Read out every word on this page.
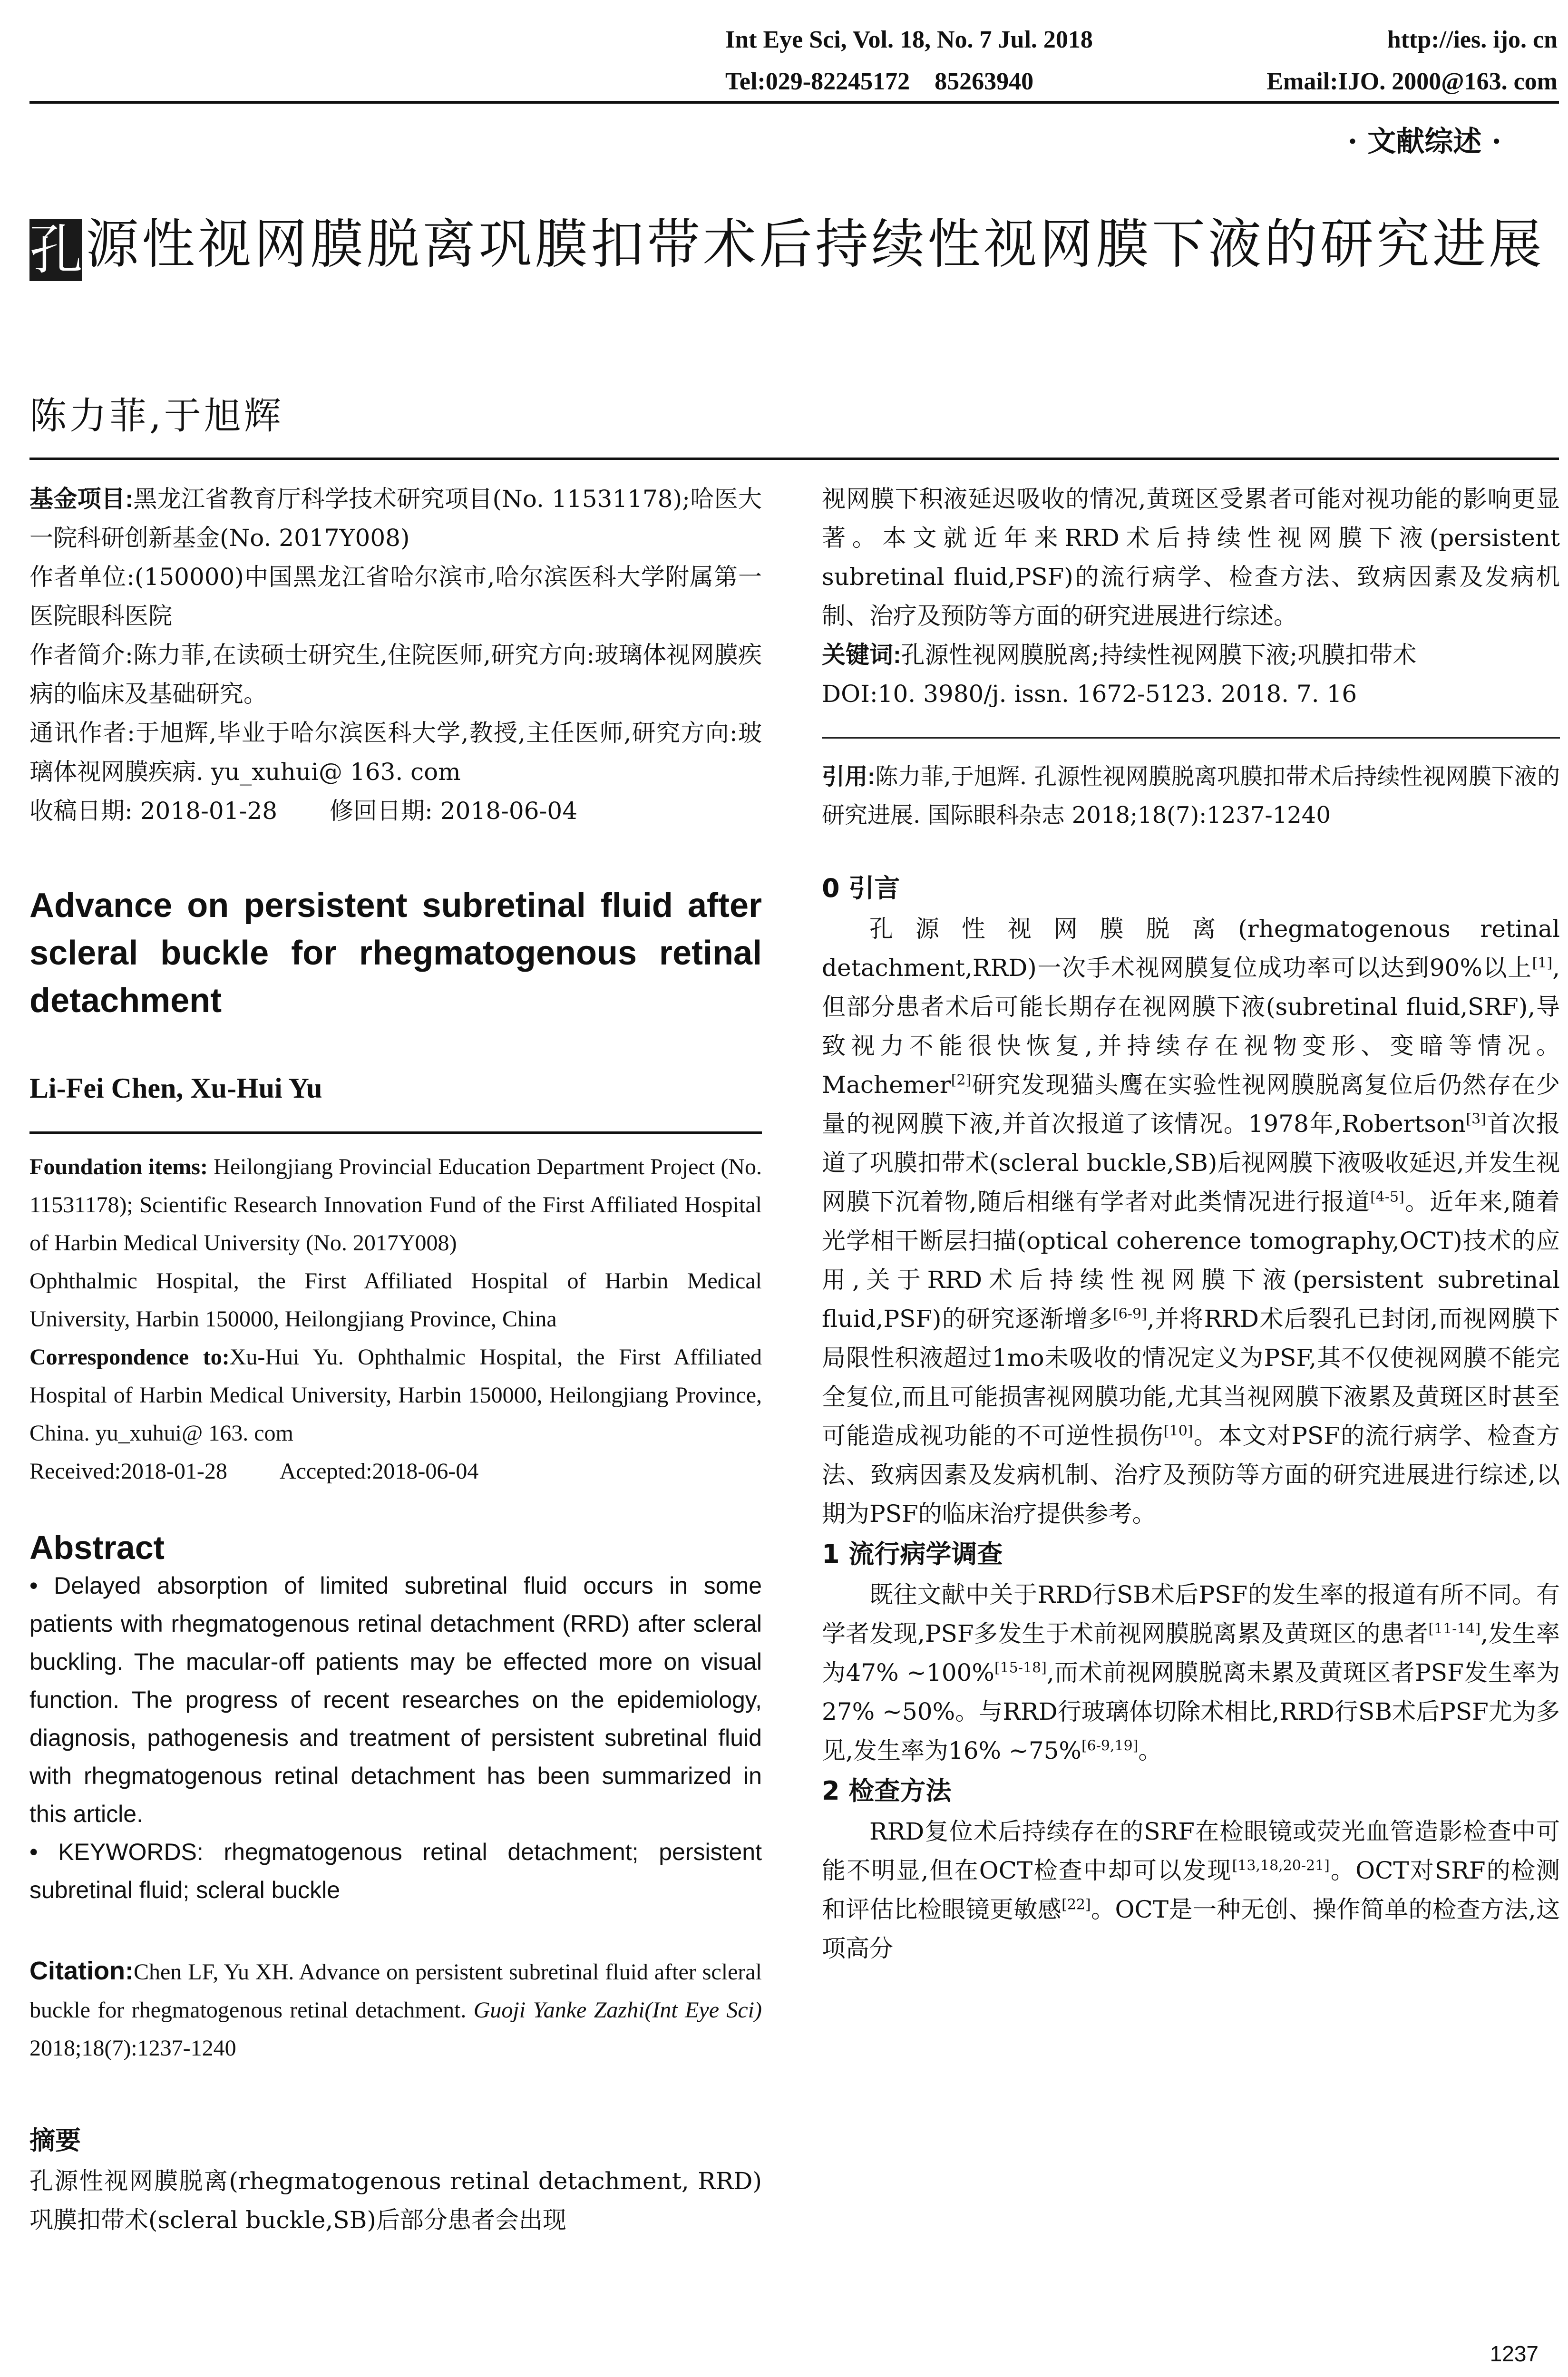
Int Eye Sci, Vol. 18, No. 7 Jul. 2018	http://ies. ijo. cn
Tel:029-82245172　85263940	Email:IJO. 2000@163. com
· 文献综述 ·
孔源性视网膜脱离巩膜扣带术后持续性视网膜下液的研究进展
陈力菲,于旭辉

基金项目:黑龙江省教育厅科学技术研究项目(No. 11531178);哈医大一院科研创新基金(No. 2017Y008)

作者单位:(150000)中国黑龙江省哈尔滨市,哈尔滨医科大学附属第一医院眼科医院

作者简介:陈力菲,在读硕士研究生,住院医师,研究方向:玻璃体视网膜疾病的临床及基础研究。

通讯作者:于旭辉,毕业于哈尔滨医科大学,教授,主任医师,研究方向:玻璃体视网膜疾病. yu_xuhui@ 163. com

收稿日期: 2018-01-28 修回日期: 2018-06-04

Advance on persistent subretinal fluid after scleral buckle for rhegmatogenous retinal detachment
Li-Fei Chen, Xu-Hui Yu

Foundation items: Heilongjiang Provincial Education Department Project (No. 11531178); Scientific Research Innovation Fund of the First Affiliated Hospital of Harbin Medical University (No. 2017Y008)

Ophthalmic Hospital, the First Affiliated Hospital of Harbin Medical University, Harbin 150000, Heilongjiang Province, China

Correspondence to:Xu-Hui Yu. Ophthalmic Hospital, the First Affiliated Hospital of Harbin Medical University, Harbin 150000, Heilongjiang Province, China. yu_xuhui@ 163. com

Received:2018-01-28 Accepted:2018-06-04

Abstract

• Delayed absorption of limited subretinal fluid occurs in some patients with rhegmatogenous retinal detachment (RRD) after scleral buckling. The macular-off patients may be effected more on visual function. The progress of recent researches on the epidemiology, diagnosis, pathogenesis and treatment of persistent subretinal fluid with rhegmatogenous retinal detachment has been summarized in this article.

• KEYWORDS: rhegmatogenous retinal detachment; persistent subretinal fluid; scleral buckle

Citation:Chen LF, Yu XH. Advance on persistent subretinal fluid after scleral buckle for rhegmatogenous retinal detachment. Guoji Yanke Zazhi(Int Eye Sci) 2018;18(7):1237-1240

摘要

孔源性视网膜脱离(rhegmatogenous retinal detachment, RRD)巩膜扣带术(scleral buckle,SB)后部分患者会出现

视网膜下积液延迟吸收的情况,黄斑区受累者可能对视功能的影响更显著。本文就近年来RRD术后持续性视网膜下液(persistent subretinal fluid,PSF)的流行病学、检查方法、致病因素及发病机制、治疗及预防等方面的研究进展进行综述。

关键词:孔源性视网膜脱离;持续性视网膜下液;巩膜扣带术

DOI:10. 3980/j. issn. 1672-5123. 2018. 7. 16

引用:陈力菲,于旭辉. 孔源性视网膜脱离巩膜扣带术后持续性视网膜下液的研究进展. 国际眼科杂志 2018;18(7):1237-1240

0 引言

孔源性视网膜脱离(rhegmatogenous retinal detachment,RRD)一次手术视网膜复位成功率可以达到90%以上[1],但部分患者术后可能长期存在视网膜下液(subretinal fluid,SRF),导致视力不能很快恢复,并持续存在视物变形、变暗等情况。Machemer[2]研究发现猫头鹰在实验性视网膜脱离复位后仍然存在少量的视网膜下液,并首次报道了该情况。1978年,Robertson[3]首次报道了巩膜扣带术(scleral buckle,SB)后视网膜下液吸收延迟,并发生视网膜下沉着物,随后相继有学者对此类情况进行报道[4-5]。近年来,随着光学相干断层扫描(optical coherence tomography,OCT)技术的应用,关于RRD术后持续性视网膜下液(persistent subretinal fluid,PSF)的研究逐渐增多[6-9],并将RRD术后裂孔已封闭,而视网膜下局限性积液超过1mo未吸收的情况定义为PSF,其不仅使视网膜不能完全复位,而且可能损害视网膜功能,尤其当视网膜下液累及黄斑区时甚至可能造成视功能的不可逆性损伤[10]。本文对PSF的流行病学、检查方法、致病因素及发病机制、治疗及预防等方面的研究进展进行综述,以期为PSF的临床治疗提供参考。

1 流行病学调查

既往文献中关于RRD行SB术后PSF的发生率的报道有所不同。有学者发现,PSF多发生于术前视网膜脱离累及黄斑区的患者[11-14],发生率为47% ~100%[15-18],而术前视网膜脱离未累及黄斑区者PSF发生率为27% ~50%。与RRD行玻璃体切除术相比,RRD行SB术后PSF尤为多见,发生率为16% ~75%[6-9,19]。

2 检查方法

RRD复位术后持续存在的SRF在检眼镜或荧光血管造影检查中可能不明显,但在OCT检查中却可以发现[13,18,20-21]。OCT对SRF的检测和评估比检眼镜更敏感[22]。OCT是一种无创、操作简单的检查方法,这项高分

1237
